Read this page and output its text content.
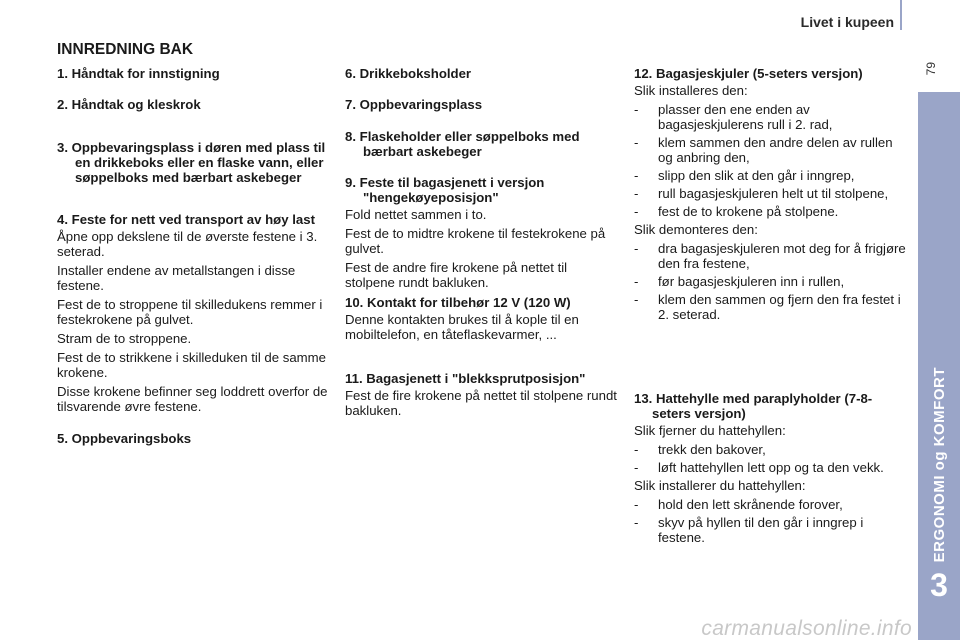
Livet i kupeen
79
ERGONOMI og KOMFORT
3
INNREDNING BAK
1. Håndtak for innstigning
2. Håndtak og kleskrok
3. Oppbevaringsplass i døren med plass til en drikkeboks eller en flaske vann, eller søppelboks med bærbart askebeger
4. Feste for nett ved transport av høy last

Åpne opp dekslene til de øverste festene i 3. seterad.

Installer endene av metallstangen i disse festene.

Fest de to stroppene til skilledukens remmer i festekrokene på gulvet.

Stram de to stroppene.

Fest de to strikkene i skilleduken til de samme krokene.

Disse krokene befinner seg loddrett overfor de tilsvarende øvre festene.

5. Oppbevaringsboks
6. Drikkeboksholder
7. Oppbevaringsplass
8. Flaskeholder eller søppelboks med bærbart askebeger
9. Feste til bagasjenett i versjon "hengekøyeposisjon"

Fold nettet sammen i to.

Fest de to midtre krokene til festekrokene på gulvet.

Fest de andre fire krokene på nettet til stolpene rundt bakluken.

10. Kontakt for tilbehør 12 V (120 W)

Denne kontakten brukes til å kople til en mobiltelefon, en tåteflaskevarmer, ...

11. Bagasjenett i "blekksprutposisjon"

Fest de fire krokene på nettet til stolpene rundt bakluken.

12. Bagasjeskjuler (5-seters versjon)

Slik installeres den:

-	plasser den ene enden av bagasjeskjulerens rull i 2. rad,
-	klem sammen den andre delen av rullen og anbring den,
-	slipp den slik at den går i inngrep,
-	rull bagasjeskjuleren helt ut til stolpene,
-	fest de to krokene på stolpene.

Slik demonteres den:

-	dra bagasjeskjuleren mot deg for å frigjøre den fra festene,
-	før bagasjeskjuleren inn i rullen,
-	klem den sammen og fjern den fra festet i 2. seterad.
13. Hattehylle med paraplyholder (7-8-seters versjon)

Slik fjerner du hattehyllen:

-	trekk den bakover,
-	løft hattehyllen lett opp og ta den vekk.

Slik installerer du hattehyllen:

-	hold den lett skrånende forover,
-	skyv på hyllen til den går i inngrep i festene.
carmanualsonline.info
